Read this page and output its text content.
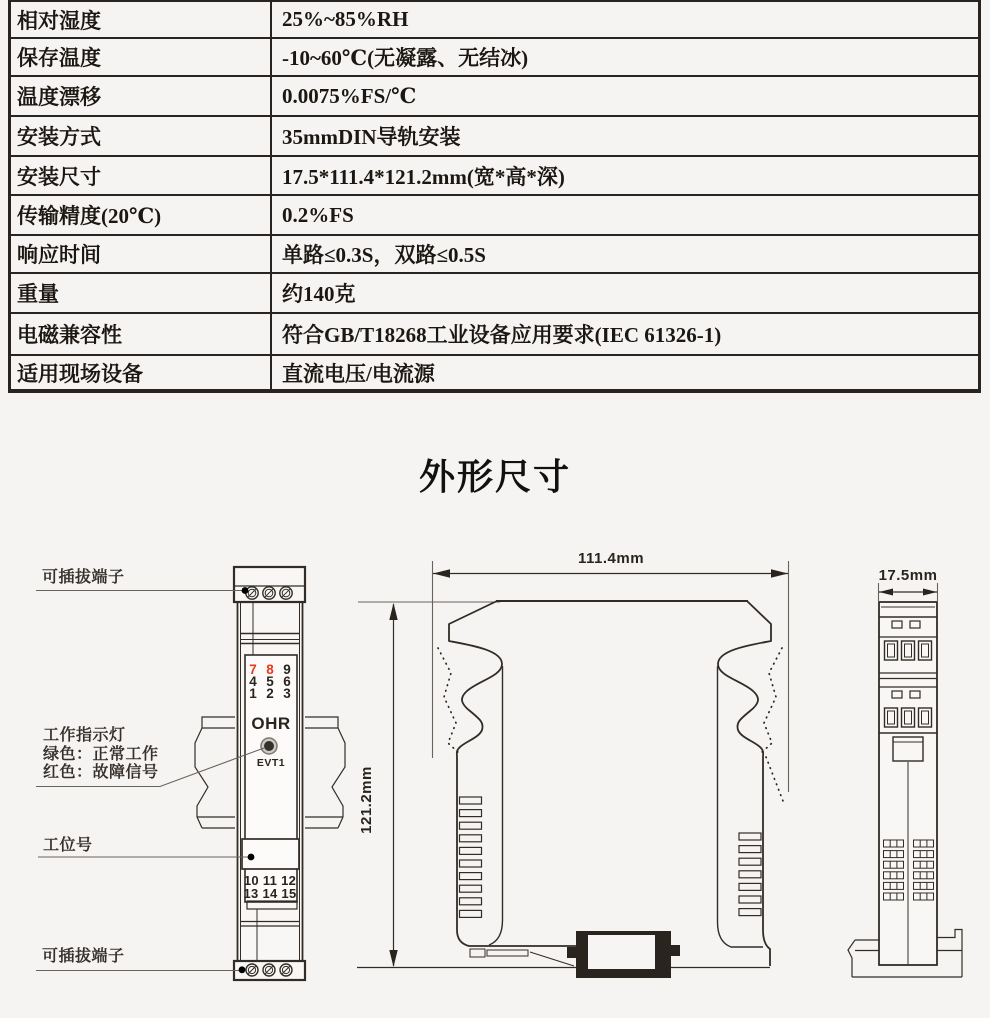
相对湿度	25%~85%RH
保存温度	-10~60℃(无凝露、无结冰)
温度漂移	0.0075%FS/℃
安装方式	35mmDIN导轨安装
安装尺寸	17.5*111.4*121.2mm(宽*高*深)
传输精度(20℃)	0.2%FS
响应时间	单路≤0.3S，双路≤0.5S
重量	约140克
电磁兼容性	符合GB/T18268工业设备应用要求(IEC 61326-1)
适用现场设备	直流电压/电流源
外形尺寸
7 8 9
4 5 6
1 2 3
OHR
EVT1
10 11 12
13 14 15
可插拔端子
工作指示灯
绿色：正常工作
红色：故障信号
工位号
可插拔端子
111.4mm
121.2mm
17.5mm
